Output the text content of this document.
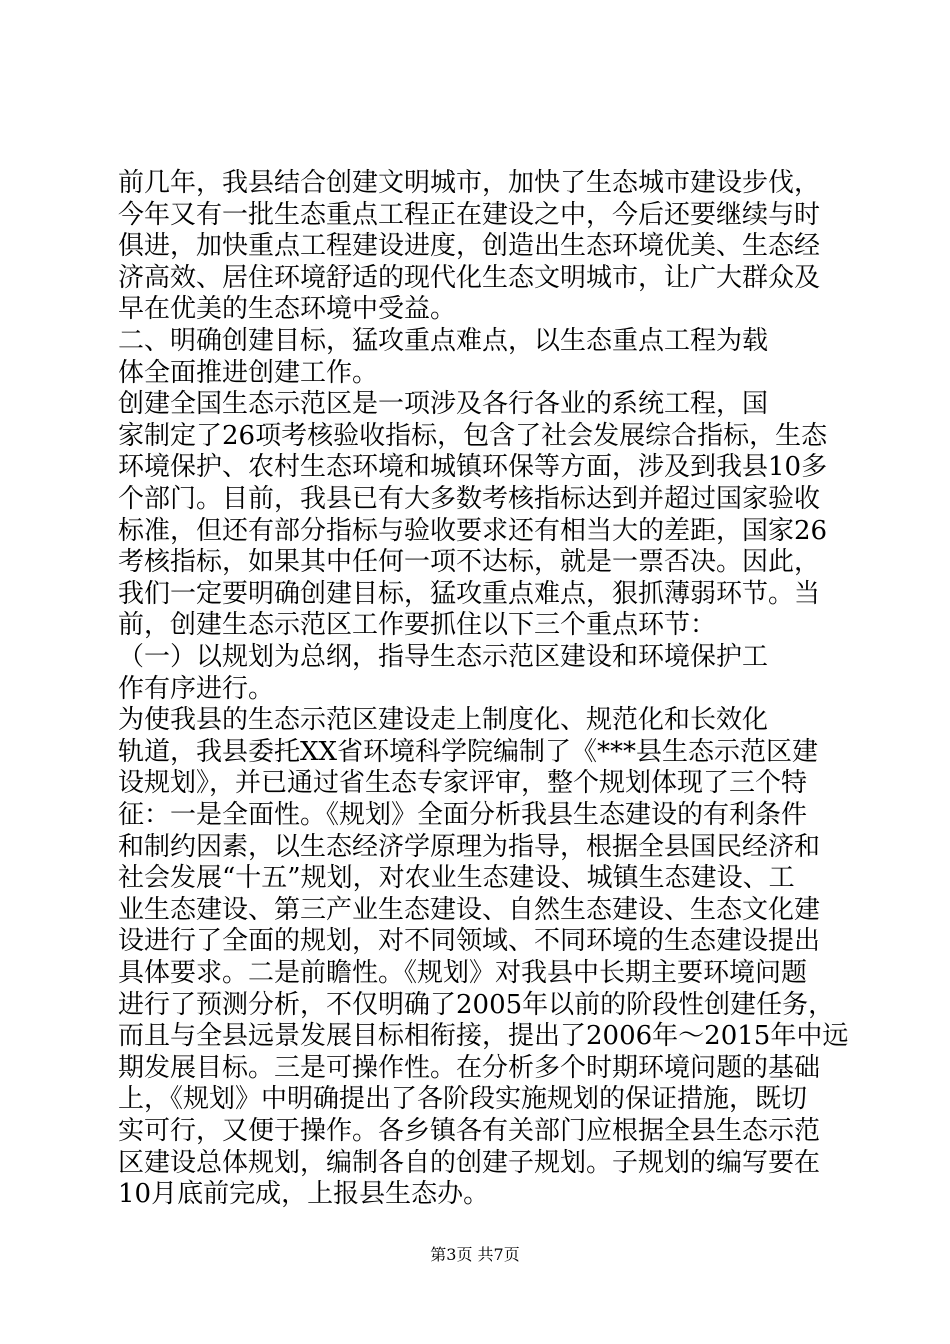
前几年，我县结合创建文明城市，加快了生态城市建设步伐，
今年又有一批生态重点工程正在建设之中，今后还要继续与时
俱进，加快重点工程建设进度，创造出生态环境优美、生态经
济高效、居住环境舒适的现代化生态文明城市，让广大群众及
早在优美的生态环境中受益。
二、明确创建目标，猛攻重点难点，以生态重点工程为载
体全面推进创建工作。
创建全国生态示范区是一项涉及各行各业的系统工程，国
家制定了26项考核验收指标，包含了社会发展综合指标，生态
环境保护、农村生态环境和城镇环保等方面，涉及到我县10多
个部门。目前，我县已有大多数考核指标达到并超过国家验收
标准，但还有部分指标与验收要求还有相当大的差距，国家26
考核指标，如果其中任何一项不达标，就是一票否决。因此，
我们一定要明确创建目标，猛攻重点难点，狠抓薄弱环节。当
前，创建生态示范区工作要抓住以下三个重点环节：
（一）以规划为总纲，指导生态示范区建设和环境保护工
作有序进行。
为使我县的生态示范区建设走上制度化、规范化和长效化
轨道，我县委托XX省环境科学院编制了《***县生态示范区建
设规划》，并已通过省生态专家评审，整个规划体现了三个特
征：一是全面性。《规划》全面分析我县生态建设的有利条件
和制约因素，以生态经济学原理为指导，根据全县国民经济和
社会发展“十五”规划，对农业生态建设、城镇生态建设、工
业生态建设、第三产业生态建设、自然生态建设、生态文化建
设进行了全面的规划，对不同领域、不同环境的生态建设提出
具体要求。二是前瞻性。《规划》对我县中长期主要环境问题
进行了预测分析，不仅明确了2005年以前的阶段性创建任务，
而且与全县远景发展目标相衔接，提出了2006年～2015年中远
期发展目标。三是可操作性。在分析多个时期环境问题的基础
上，《规划》中明确提出了各阶段实施规划的保证措施，既切
实可行，又便于操作。各乡镇各有关部门应根据全县生态示范
区建设总体规划，编制各自的创建子规划。子规划的编写要在
10月底前完成，上报县生态办。
第3页 共7页
